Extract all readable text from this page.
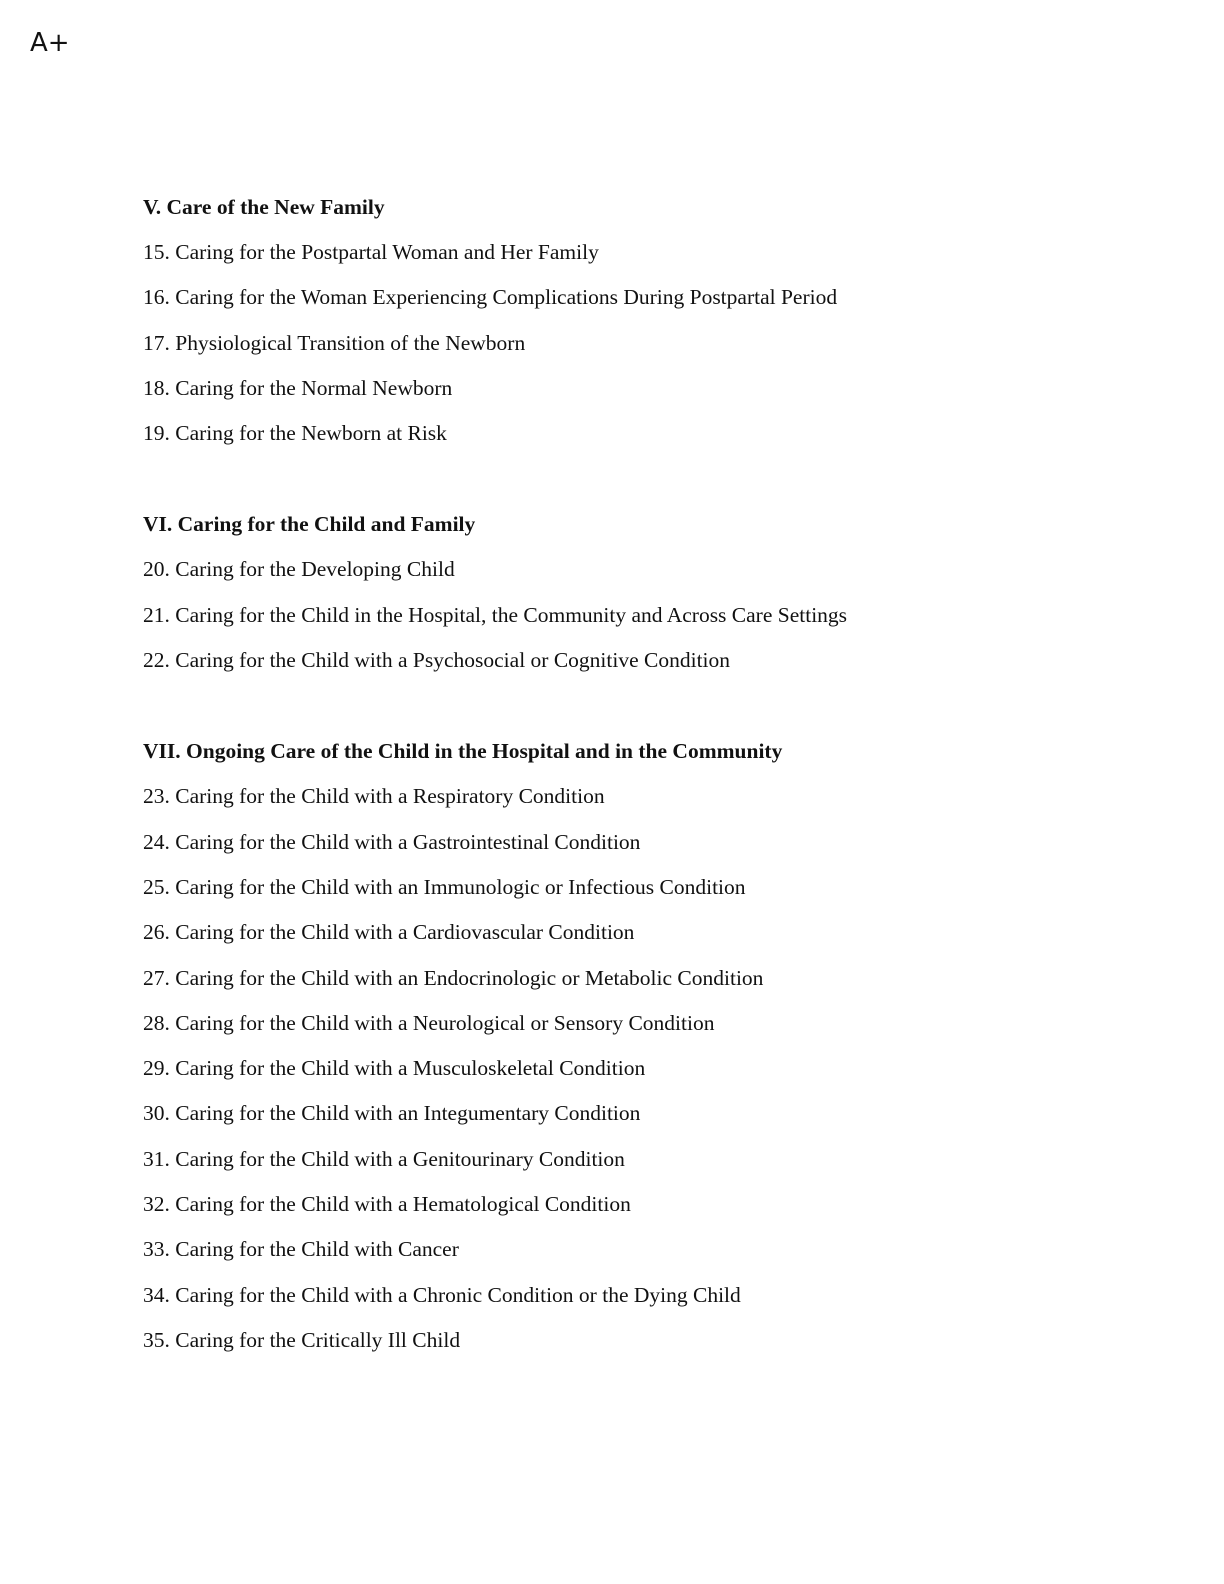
A+
V. Care of the New Family
15. Caring for the Postpartal Woman and Her Family
16. Caring for the Woman Experiencing Complications During Postpartal Period
17. Physiological Transition of the Newborn
18. Caring for the Normal Newborn
19. Caring for the Newborn at Risk
VI. Caring for the Child and Family
20. Caring for the Developing Child
21. Caring for the Child in the Hospital, the Community and Across Care Settings
22. Caring for the Child with a Psychosocial or Cognitive Condition
VII. Ongoing Care of the Child in the Hospital and in the Community
23. Caring for the Child with a Respiratory Condition
24. Caring for the Child with a Gastrointestinal Condition
25. Caring for the Child with an Immunologic or Infectious Condition
26. Caring for the Child with a Cardiovascular Condition
27. Caring for the Child with an Endocrinologic or Metabolic Condition
28. Caring for the Child with a Neurological or Sensory Condition
29. Caring for the Child with a Musculoskeletal Condition
30. Caring for the Child with an Integumentary Condition
31. Caring for the Child with a Genitourinary Condition
32. Caring for the Child with a Hematological Condition
33. Caring for the Child with Cancer
34. Caring for the Child with a Chronic Condition or the Dying Child
35. Caring for the Critically Ill Child
